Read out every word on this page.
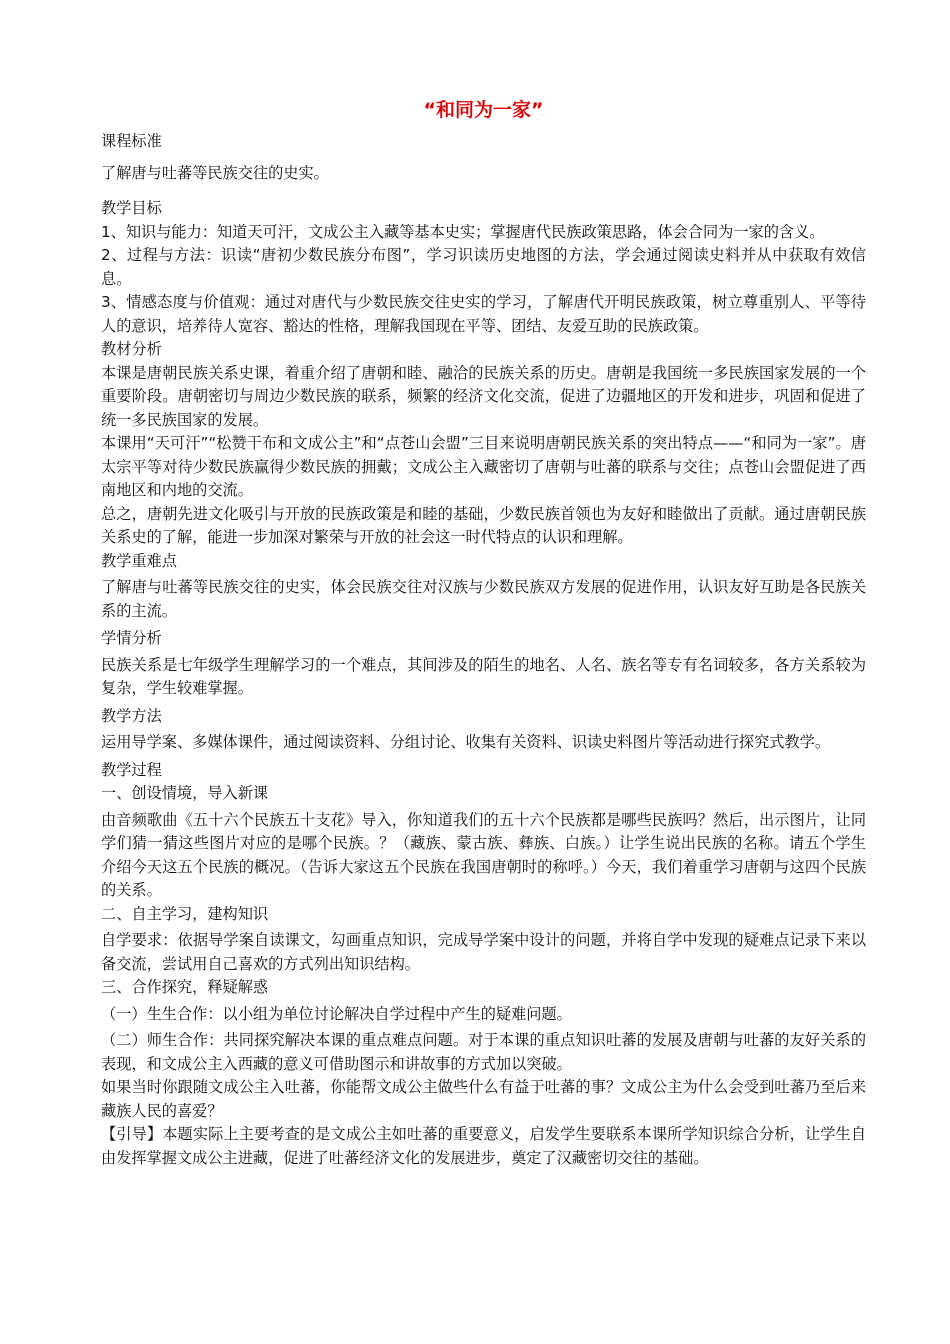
“和同为一家”

课程标准

了解唐与吐蕃等民族交往的史实。

教学目标

1、知识与能力：知道天可汗，文成公主入藏等基本史实；掌握唐代民族政策思路，体会合同为一家的含义。

2、过程与方法：识读“唐初少数民族分布图”，学习识读历史地图的方法，学会通过阅读史料并从中获取有效信息。

3、情感态度与价值观：通过对唐代与少数民族交往史实的学习，了解唐代开明民族政策，树立尊重别人、平等待人的意识，培养待人宽容、豁达的性格，理解我国现在平等、团结、友爱互助的民族政策。

教材分析

本课是唐朝民族关系史课，着重介绍了唐朝和睦、融洽的民族关系的历史。唐朝是我国统一多民族国家发展的一个重要阶段。唐朝密切与周边少数民族的联系，频繁的经济文化交流，促进了边疆地区的开发和进步，巩固和促进了统一多民族国家的发展。

本课用“天可汗”“松赞干布和文成公主”和“点苍山会盟”三目来说明唐朝民族关系的突出特点——“和同为一家”。唐太宗平等对待少数民族赢得少数民族的拥戴；文成公主入藏密切了唐朝与吐蕃的联系与交往；点苍山会盟促进了西南地区和内地的交流。

总之，唐朝先进文化吸引与开放的民族政策是和睦的基础，少数民族首领也为友好和睦做出了贡献。通过唐朝民族关系史的了解，能进一步加深对繁荣与开放的社会这一时代特点的认识和理解。

教学重难点

了解唐与吐蕃等民族交往的史实，体会民族交往对汉族与少数民族双方发展的促进作用，认识友好互助是各民族关系的主流。

学情分析

民族关系是七年级学生理解学习的一个难点，其间涉及的陌生的地名、人名、族名等专有名词较多，各方关系较为复杂，学生较难掌握。

教学方法

运用导学案、多媒体课件，通过阅读资料、分组讨论、收集有关资料、识读史料图片等活动进行探究式教学。

教学过程

一、创设情境，导入新课

由音频歌曲《五十六个民族五十支花》导入，你知道我们的五十六个民族都是哪些民族吗？然后，出示图片，让同学们猜一猜这些图片对应的是哪个民族。？（藏族、蒙古族、彝族、白族。）让学生说出民族的名称。请五个学生介绍今天这五个民族的概况。（告诉大家这五个民族在我国唐朝时的称呼。）今天，我们着重学习唐朝与这四个民族的关系。

二、自主学习，建构知识

自学要求：依据导学案自读课文，勾画重点知识，完成导学案中设计的问题，并将自学中发现的疑难点记录下来以备交流，尝试用自己喜欢的方式列出知识结构。

三、合作探究，释疑解惑

（一）生生合作：以小组为单位讨论解决自学过程中产生的疑难问题。

（二）师生合作：共同探究解决本课的重点难点问题。对于本课的重点知识吐蕃的发展及唐朝与吐蕃的友好关系的表现，和文成公主入西藏的意义可借助图示和讲故事的方式加以突破。

如果当时你跟随文成公主入吐蕃，你能帮文成公主做些什么有益于吐蕃的事？文成公主为什么会受到吐蕃乃至后来藏族人民的喜爱？

【引导】本题实际上主要考查的是文成公主如吐蕃的重要意义，启发学生要联系本课所学知识综合分析，让学生自由发挥掌握文成公主进藏，促进了吐蕃经济文化的发展进步，奠定了汉藏密切交往的基础。
